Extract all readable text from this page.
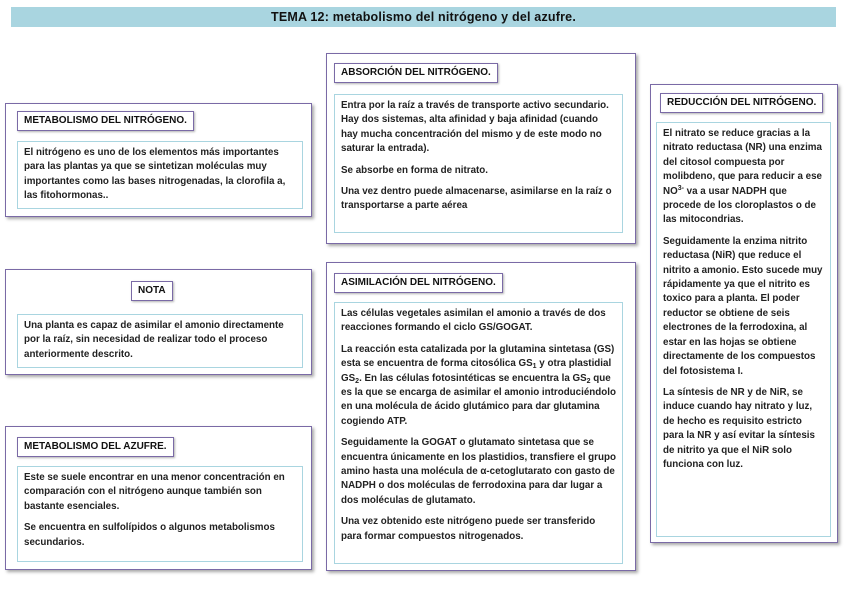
TEMA 12: metabolismo del nitrógeno y del azufre.
METABOLISMO DEL NITRÓGENO.

El nitrógeno es uno de los elementos más importantes para las plantas ya que se sintetizan moléculas muy importantes como las bases nitrogenadas, la clorofila a, las fitohormonas..

NOTA

Una planta es capaz de asimilar el amonio directamente por la raíz, sin necesidad de realizar todo el proceso anteriormente descrito.

METABOLISMO DEL AZUFRE.

Este se suele encontrar en una menor concentración en comparación con el nitrógeno aunque también son bastante esenciales.

Se encuentra en sulfolípidos o algunos metabolismos secundarios.

ABSORCIÓN DEL NITRÓGENO.

Entra por la raíz a través de transporte activo secundario. Hay dos sistemas, alta afinidad y baja afinidad (cuando hay mucha concentración del mismo y de este modo no saturar la entrada).

Se absorbe en forma de nitrato.

Una vez dentro puede almacenarse, asimilarse en la raíz o transportarse a parte aérea

ASIMILACIÓN DEL NITRÓGENO.

Las células vegetales asimilan el amonio a través de dos reacciones formando el ciclo GS/GOGAT.

La reacción esta catalizada por la glutamina sintetasa (GS) esta se encuentra de forma citosólica $GS_1$ y otra plastidial $GS_2$. En las células fotosintéticas se encuentra la $GS_2$ que es la que se encarga de asimilar el amonio introduciéndolo en una molécula de ácido glutámico para dar glutamina cogiendo ATP.

Seguidamente la GOGAT o glutamato sintetasa que se encuentra únicamente en los plastidios, transfiere el grupo amino hasta una molécula de α-cetoglutarato con gasto de NADPH o dos moléculas de ferrodoxina para dar lugar a dos moléculas de glutamato.

Una vez obtenido este nitrógeno puede ser transferido para formar compuestos nitrogenados.

REDUCCIÓN DEL NITRÓGENO.

El nitrato se reduce gracias a la nitrato reductasa (NR) una enzima del citosol compuesta por molibdeno, que para reducir a ese $NO^{3-}$ va a usar NADPH que procede de los cloroplastos o de las mitocondrias.

Seguidamente la enzima nitrito reductasa (NiR) que reduce el nitrito a amonio. Esto sucede muy rápidamente ya que el nitrito es toxico para a planta. El poder reductor se obtiene de seis electrones de la ferrodoxina, al estar en las hojas se obtiene directamente de los compuestos del fotosistema I.

La síntesis de NR y de NiR, se induce cuando hay nitrato y luz, de hecho es requisito estricto para la NR y así evitar la síntesis de nitrito ya que el NiR solo funciona con luz.
